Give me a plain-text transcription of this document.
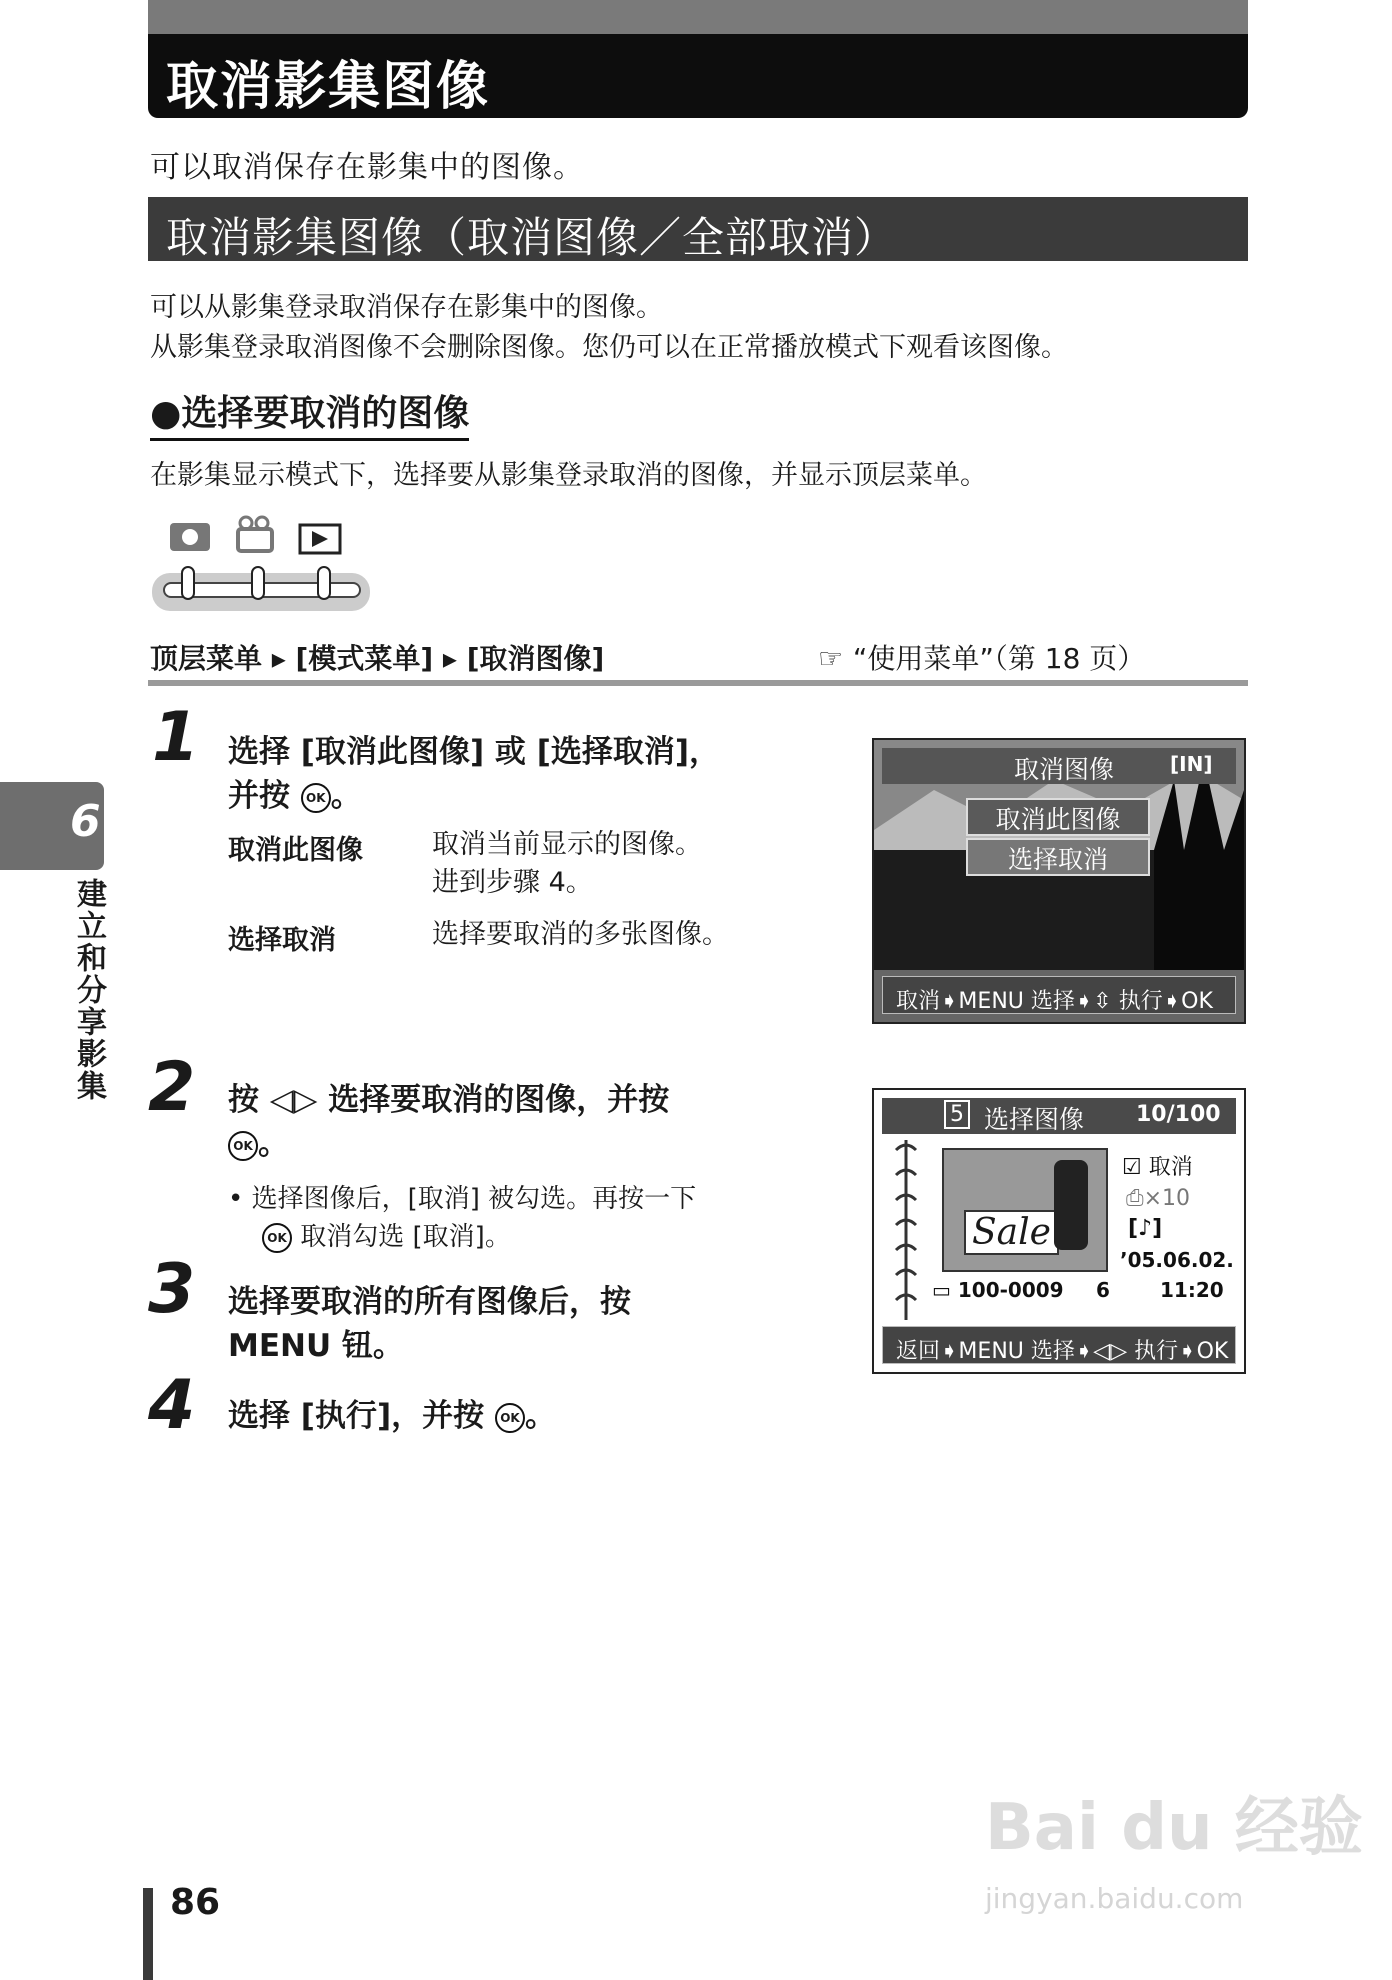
取消影集图像
可以取消保存在影集中的图像。
取消影集图像（取消图像／全部取消）
可以从影集登录取消保存在影集中的图像。
从影集登录取消图像不会删除图像。您仍可以在正常播放模式下观看该图像。
●选择要取消的图像
在影集显示模式下，选择要从影集登录取消的图像，并显示顶层菜单。
顶层菜单 ▸ [模式菜单] ▸ [取消图像]	☞ “使用菜单”（第 18 页）
6
建立和分享影集
1 选择 [取消此图像] 或 [选择取消]，
并按 OK 。
取消此图像	取消当前显示的图像。
进到步骤 4。
选择取消	选择要取消的多张图像。
2 按 ◁▷ 选择要取消的图像，并按
OK 。
• 选择图像后，[取消] 被勾选。再按一下
OK 取消勾选 [取消]。
3 选择要取消的所有图像后，按
MENU 钮。
4 选择 [执行]，并按 OK 。
取消图像	[IN]
取消此图像
选择取消
取消➧MENU 选择➧⇳ 执行➧OK
5 选择图像 10/100
Sale
☑ 取消
⎙×10
[♪]
’05.06.02.
▭ 100-0009 6	11:20
返回➧MENU 选择➧◁▷ 执行➧OK
86
Bai du 经验
jingyan.baidu.com
